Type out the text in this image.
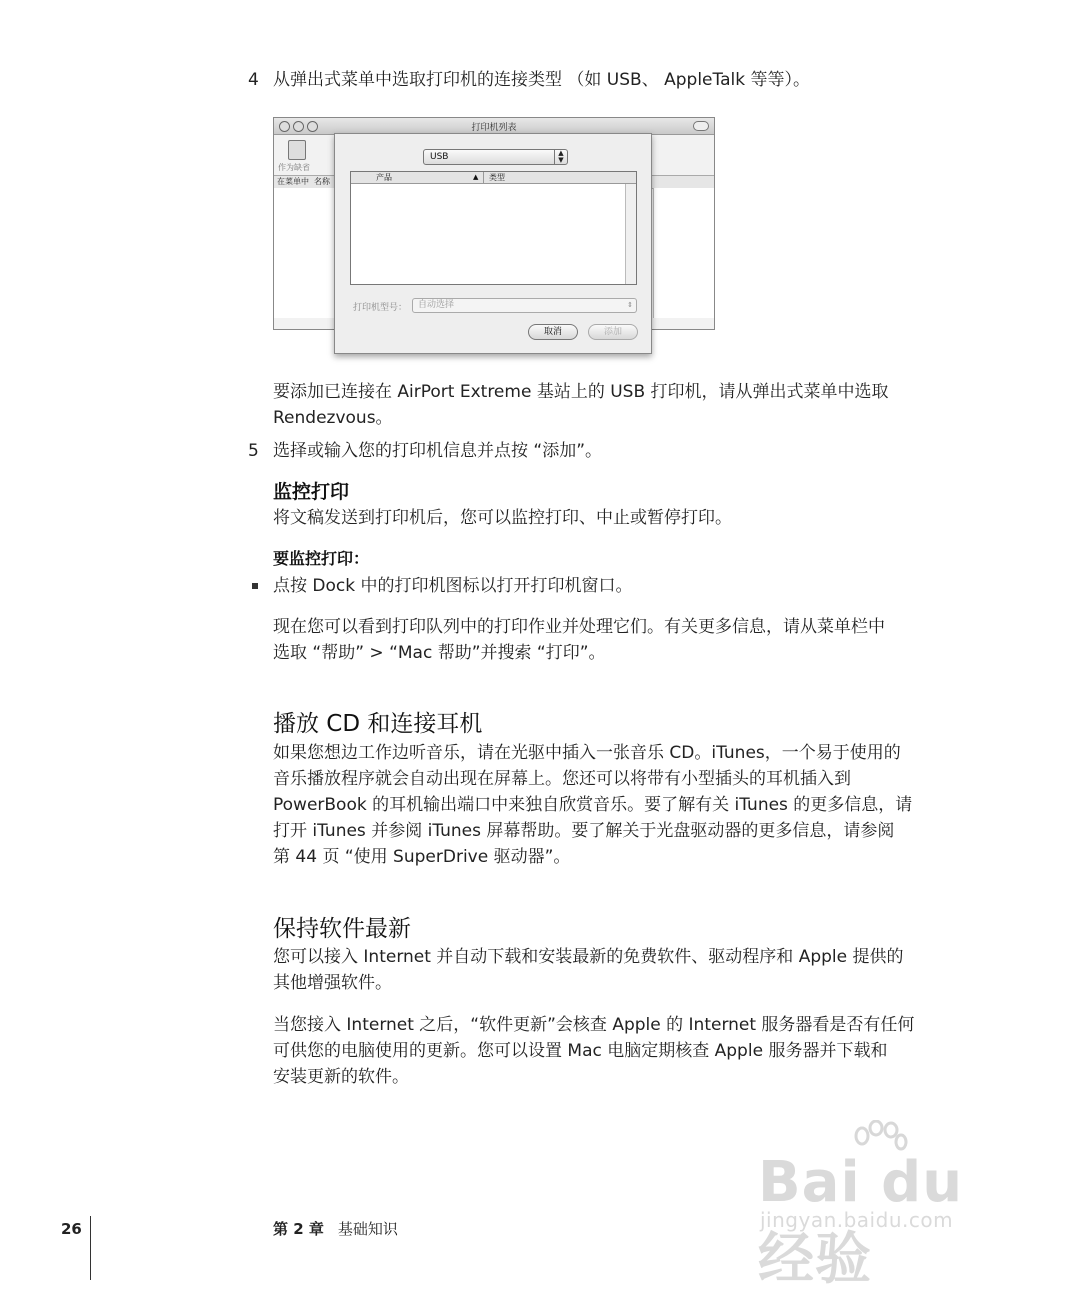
4 从弹出式菜单中选取打印机的连接类型 （如 USB、 AppleTalk 等等）。
打印机列表
作为缺省
在菜单中 名称
USB	▲
▼
产品	▲ 类型
打印机型号： 自动选择	⇕
取消	添加
要添加已连接在 AirPort Extreme 基站上的 USB 打印机，请从弹出式菜单中选取
Rendezvous。
5 选择或输入您的打印机信息并点按 “添加”。
监控打印
将文稿发送到打印机后，您可以监控打印、中止或暂停打印。
要监控打印：
点按 Dock 中的打印机图标以打开打印机窗口。
现在您可以看到打印队列中的打印作业并处理它们。有关更多信息，请从菜单栏中
选取 “帮助” > “Mac 帮助”并搜索 “打印”。
播放 CD 和连接耳机
如果您想边工作边听音乐，请在光驱中插入一张音乐 CD。iTunes，一个易于使用的
音乐播放程序就会自动出现在屏幕上。您还可以将带有小型插头的耳机插入到
PowerBook 的耳机输出端口中来独自欣赏音乐。要了解有关 iTunes 的更多信息，请
打开 iTunes 并参阅 iTunes 屏幕帮助。要了解关于光盘驱动器的更多信息，请参阅
第 44 页 “使用 SuperDrive 驱动器”。
保持软件最新
您可以接入 Internet 并自动下载和安装最新的免费软件、驱动程序和 Apple 提供的
其他增强软件。
当您接入 Internet 之后，“软件更新”会核查 Apple 的 Internet 服务器看是否有任何
可供您的电脑使用的更新。您可以设置 Mac 电脑定期核查 Apple 服务器并下载和
安装更新的软件。
Bai du 经验
jingyan.baidu.com
26	第 2 章 基础知识
